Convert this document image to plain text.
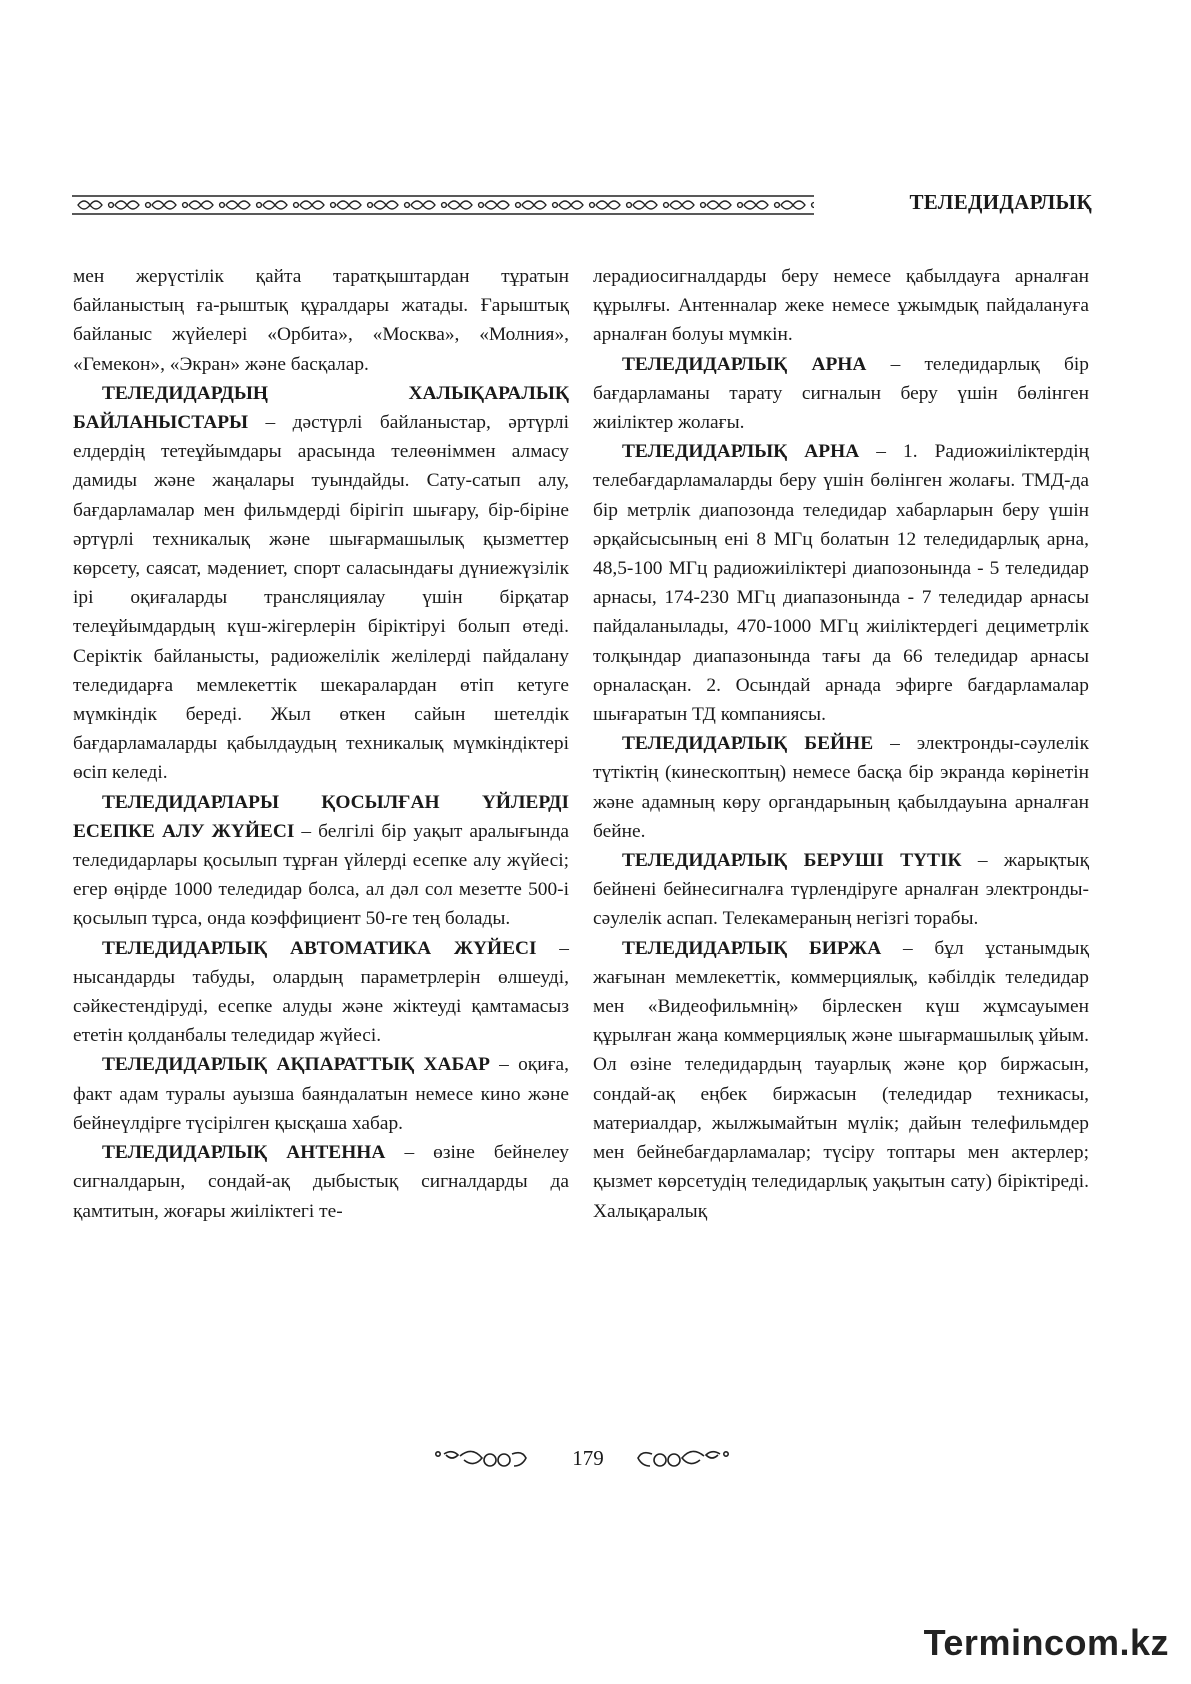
ТЕЛЕДИДАРЛЫҚ

мен жерүстілік қайта таратқыштардан тұратын байланыстың ға-рыштық құралдары жатады. Ғарыштық байланыс жүйелері «Орбита», «Москва», «Молния», «Гемекон», «Экран» және басқалар.

ТЕЛЕДИДАРДЫҢ ХАЛЫҚАРАЛЫҚ БАЙЛАНЫСТАРЫ – дәстүрлі байланыстар, әртүрлі елдердің тетеұйымдары арасында телеөніммен алмасу дамиды және жаңалары туындайды. Сату-сатып алу, бағдарламалар мен фильмдерді бірігіп шығару, бір-біріне әртүрлі техникалық және шығармашылық қызметтер көрсету, саясат, мәдениет, спорт саласындағы дүниежүзілік ірі оқиғаларды трансляциялау үшін бірқатар телеұйымдардың күш-жігерлерін біріктіруі болып өтеді. Серіктік байланысты, радиожелілік желілерді пайдалану теледидарға мемлекеттік шекаралардан өтіп кетуге мүмкіндік береді. Жыл өткен сайын шетелдік бағдарламаларды қабылдаудың техникалық мүмкіндіктері өсіп келеді.

ТЕЛЕДИДАРЛАРЫ ҚОСЫЛҒАН ҮЙЛЕРДІ ЕСЕПКЕ АЛУ ЖҮЙЕСІ – белгілі бір уақыт аралығында теледидарлары қосылып тұрған үйлерді есепке алу жүйесі; егер өңірде 1000 теледидар болса, ал дәл сол мезетте 500-і қосылып тұрса, онда коэффициент 50-ге тең болады.

ТЕЛЕДИДАРЛЫҚ АВТОМАТИКА ЖҮЙЕСІ – нысандарды табуды, олардың параметрлерін өлшеуді, сәйкестендіруді, есепке алуды және жіктеуді қамтамасыз ететін қолданбалы теледидар жүйесі.

ТЕЛЕДИДАРЛЫҚ АҚПАРАТТЫҚ ХАБАР – оқиға, факт адам туралы ауызша баяндалатын немесе кино және бейнеүлдірге түсірілген қысқаша хабар.

ТЕЛЕДИДАРЛЫҚ АНТЕННА – өзіне бейнелеу сигналдарын, сондай-ақ дыбыстық сигналдарды да қамтитын, жоғары жиіліктегі те-

лерадиосигналдарды беру немесе қабылдауға арналған құрылғы. Антенналар жеке немесе ұжымдық пайдалануға арналған болуы мүмкін.

ТЕЛЕДИДАРЛЫҚ АРНА – теледидарлық бір бағдарламаны тарату сигналын беру үшін бөлінген жиіліктер жолағы.

ТЕЛЕДИДАРЛЫҚ АРНА – 1. Радиожиіліктердің телебағдарламаларды беру үшін бөлінген жолағы. ТМД-да бір метрлік диапозонда теледидар хабарларын беру үшін әрқайсысының ені 8 МГц болатын 12 теледидарлық арна, 48,5-100 МГц радиожиіліктері диапозонында - 5 теледидар арнасы, 174-230 МГц диапазонында - 7 теледидар арнасы пайдаланылады, 470-1000 МГц жиіліктердегі дециметрлік толқындар диапазонында тағы да 66 теледидар арнасы орналасқан. 2. Осындай арнада эфирге бағдарламалар шығаратын ТД компаниясы.

ТЕЛЕДИДАРЛЫҚ БЕЙНЕ – электронды-сәулелік түтіктің (кинескоптың) немесе басқа бір экранда көрінетін және адамның көру органдарының қабылдауына арналған бейне.

ТЕЛЕДИДАРЛЫҚ БЕРУШІ ТҮТІК – жарықтық бейнені бейнесигналға түрлендіруге арналған электронды-сәулелік аспап. Телекамераның негізгі торабы.

ТЕЛЕДИДАРЛЫҚ БИРЖА – бұл ұстанымдық жағынан мемлекеттік, коммерциялық, кәбілдік теледидар мен «Видеофильмнің» бірлескен күш жұмсауымен құрылған жаңа коммерциялық және шығармашылық ұйым. Ол өзіне теледидардың тауарлық және қор биржасын, сондай-ақ еңбек биржасын (теледидар техникасы, материалдар, жылжымайтын мүлік; дайын телефильмдер мен бейнебағдарламалар; түсіру топтары мен актерлер; қызмет көрсетудің теледидарлық уақытын сату) біріктіреді. Халықаралық

179
Termincom.kz
